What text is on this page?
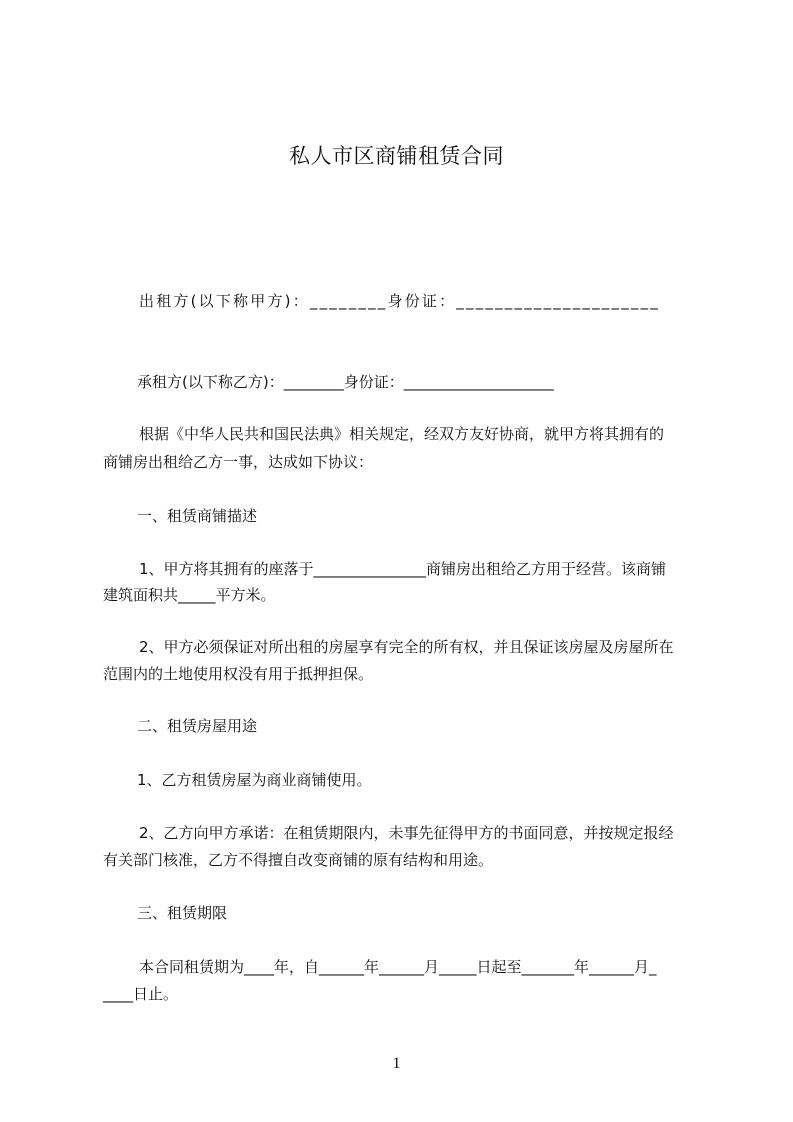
私人市区商铺租赁合同
出租方(以下称甲方)：________身份证：_____________________
承租方(以下称乙方)：________身份证：____________________
根据《中华人民共和国民法典》相关规定，经双方友好协商，就甲方将其拥有的
商铺房出租给乙方一事，达成如下协议：
一、租赁商铺描述
1、甲方将其拥有的座落于_______________商铺房出租给乙方用于经营。该商铺
建筑面积共_____平方米。
2、甲方必须保证对所出租的房屋享有完全的所有权，并且保证该房屋及房屋所在
范围内的土地使用权没有用于抵押担保。
二、租赁房屋用途
1、乙方租赁房屋为商业商铺使用。
2、乙方向甲方承诺：在租赁期限内，未事先征得甲方的书面同意，并按规定报经
有关部门核准，乙方不得擅自改变商铺的原有结构和用途。
三、租赁期限
本合同租赁期为____年，自______年______月_____日起至_______年______月_
____日止。
1
